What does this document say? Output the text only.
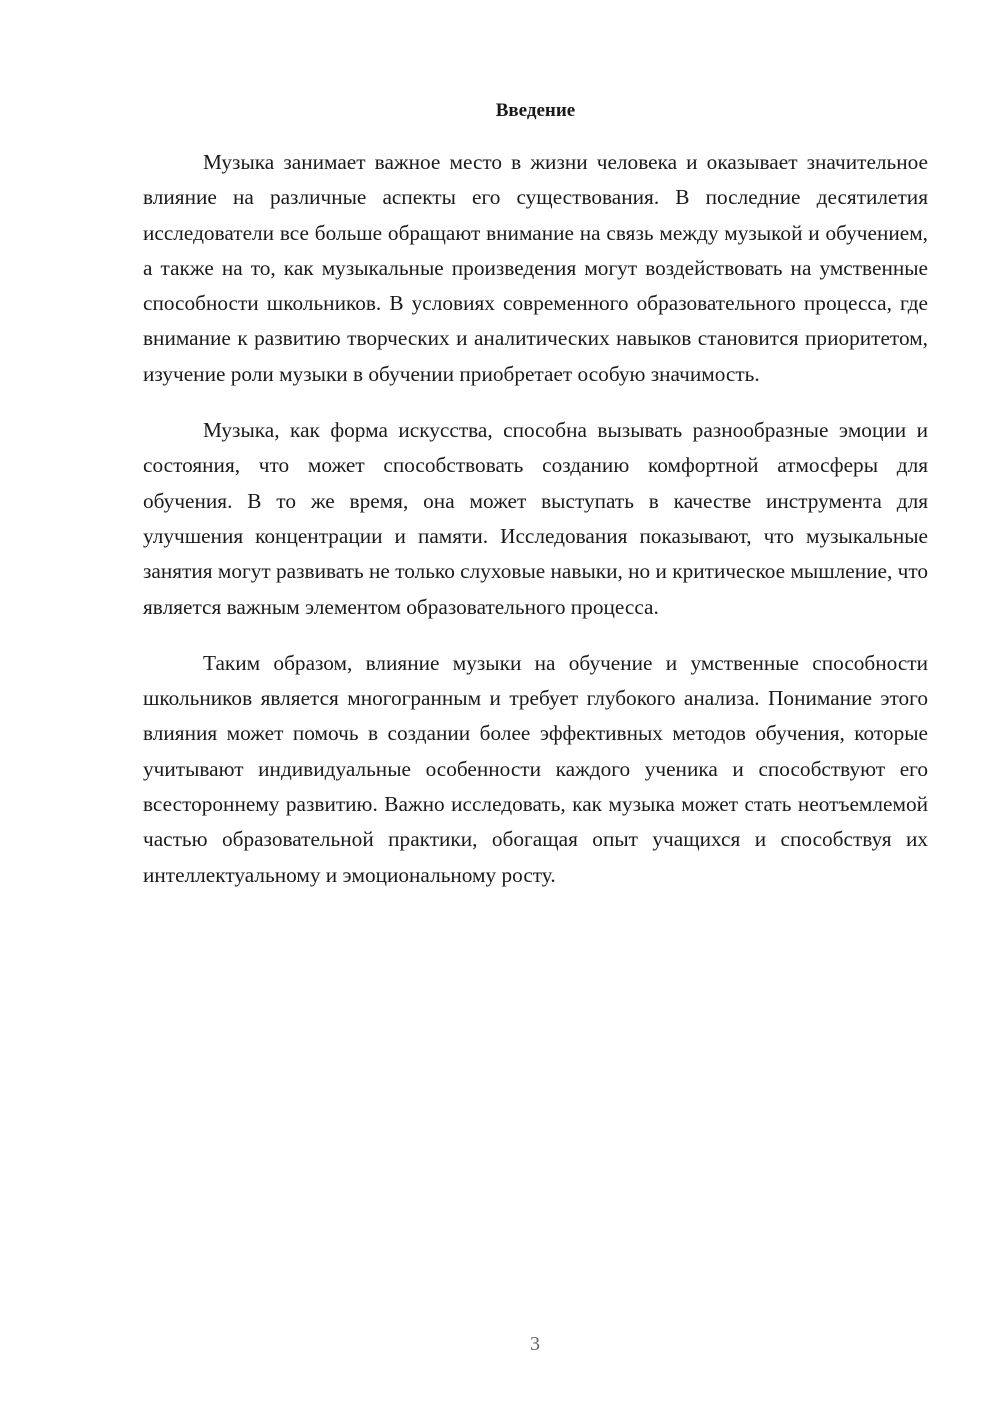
Введение

Музыка занимает важное место в жизни человека и оказывает значительное влияние на различные аспекты его существования. В последние десятилетия исследователи все больше обращают внимание на связь между музыкой и обучением, а также на то, как музыкальные произведения могут воздействовать на умственные способности школьников. В условиях современного образовательного процесса, где внимание к развитию творческих и аналитических навыков становится приоритетом, изучение роли музыки в обучении приобретает особую значимость.

Музыка, как форма искусства, способна вызывать разнообразные эмоции и состояния, что может способствовать созданию комфортной атмосферы для обучения. В то же время, она может выступать в качестве инструмента для улучшения концентрации и памяти. Исследования показывают, что музыкальные занятия могут развивать не только слуховые навыки, но и критическое мышление, что является важным элементом образовательного процесса.

Таким образом, влияние музыки на обучение и умственные способности школьников является многогранным и требует глубокого анализа. Понимание этого влияния может помочь в создании более эффективных методов обучения, которые учитывают индивидуальные особенности каждого ученика и способствуют его всестороннему развитию. Важно исследовать, как музыка может стать неотъемлемой частью образовательной практики, обогащая опыт учащихся и способствуя их интеллектуальному и эмоциональному росту.

3
